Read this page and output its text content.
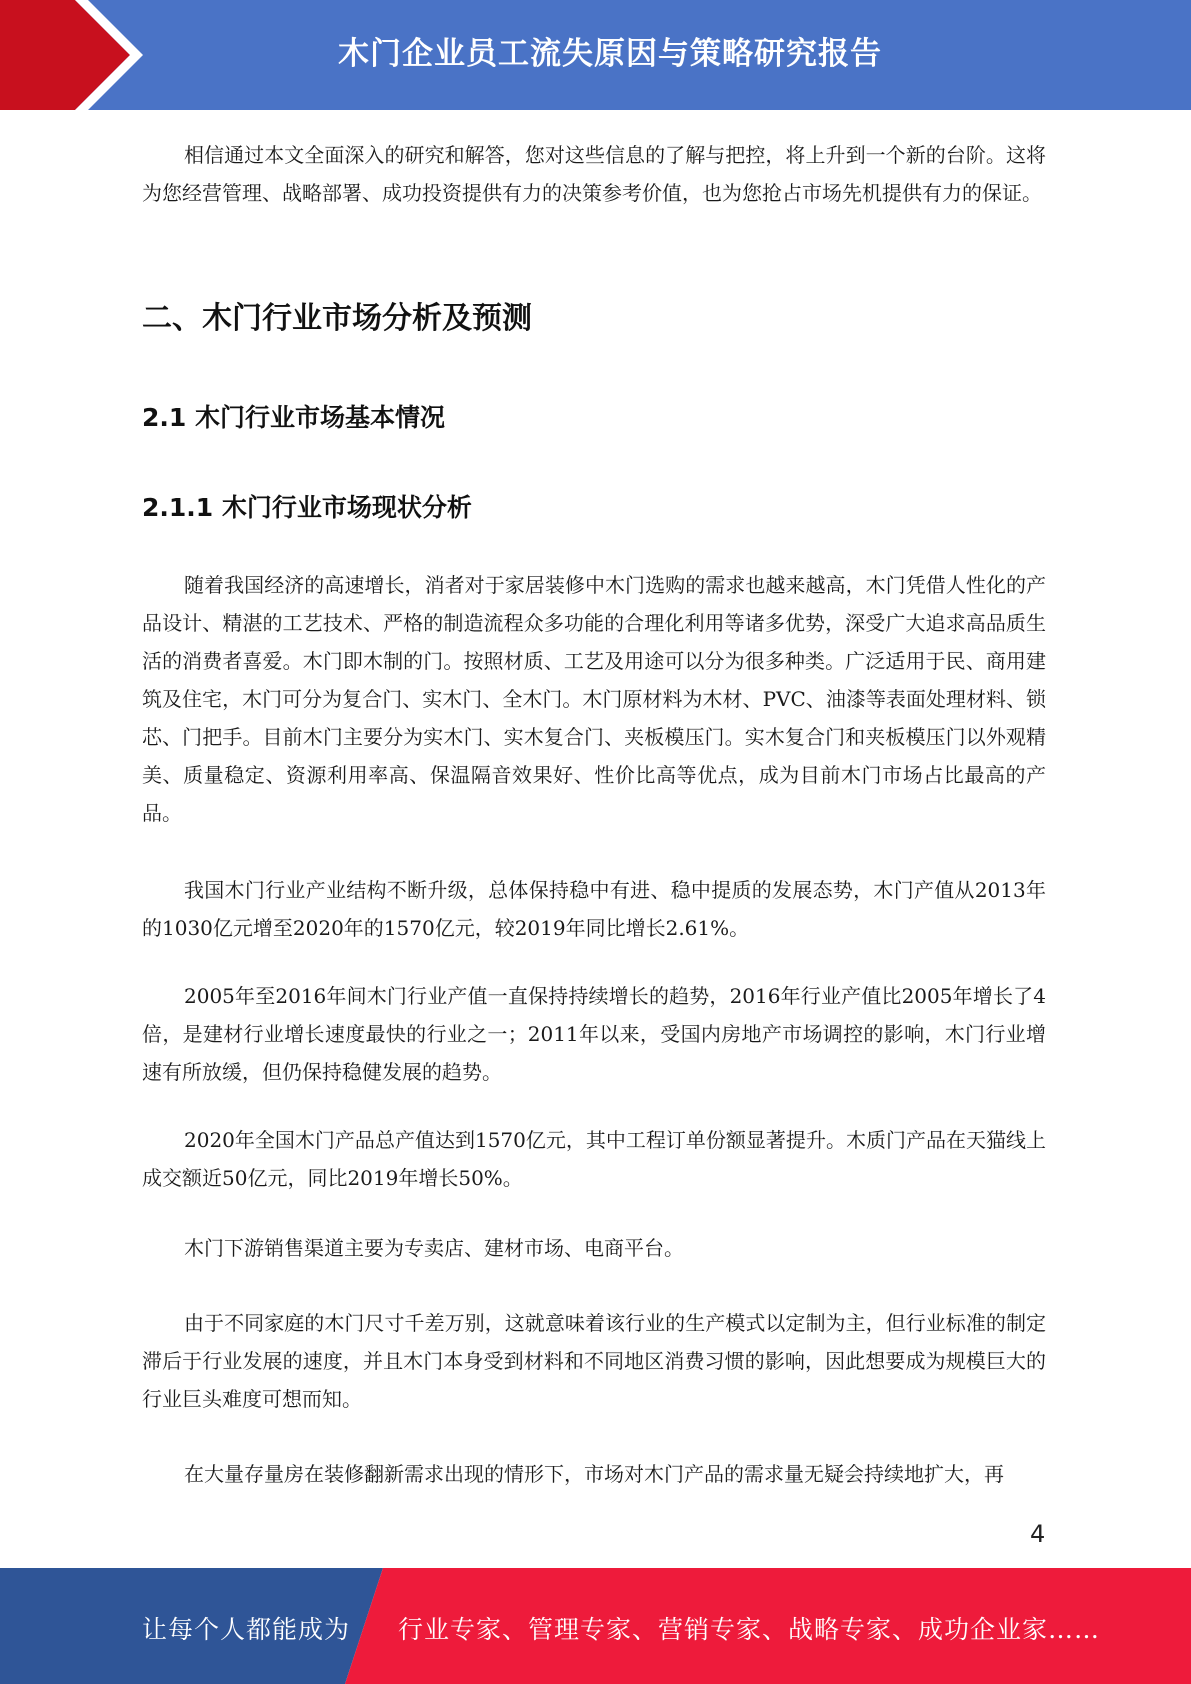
木门企业员工流失原因与策略研究报告

相信通过本文全面深入的研究和解答，您对这些信息的了解与把控，将上升到一个新的台阶。这将为您经营管理、战略部署、成功投资提供有力的决策参考价值，也为您抢占市场先机提供有力的保证。

二、木门行业市场分析及预测
2.1 木门行业市场基本情况
2.1.1 木门行业市场现状分析

随着我国经济的高速增长，消者对于家居装修中木门选购的需求也越来越高，木门凭借人性化的产品设计、精湛的工艺技术、严格的制造流程众多功能的合理化利用等诸多优势，深受广大追求高品质生活的消费者喜爱。木门即木制的门。按照材质、工艺及用途可以分为很多种类。广泛适用于民、商用建筑及住宅，木门可分为复合门、实木门、全木门。木门原材料为木材、PVC、油漆等表面处理材料、锁芯、门把手。目前木门主要分为实木门、实木复合门、夹板模压门。实木复合门和夹板模压门以外观精美、质量稳定、资源利用率高、保温隔音效果好、性价比高等优点，成为目前木门市场占比最高的产品。

我国木门行业产业结构不断升级，总体保持稳中有进、稳中提质的发展态势，木门产值从2013年的1030亿元增至2020年的1570亿元，较2019年同比增长2.61%。

2005年至2016年间木门行业产值一直保持持续增长的趋势，2016年行业产值比2005年增长了4倍，是建材行业增长速度最快的行业之一；2011年以来，受国内房地产市场调控的影响，木门行业增速有所放缓，但仍保持稳健发展的趋势。

2020年全国木门产品总产值达到1570亿元，其中工程订单份额显著提升。木质门产品在天猫线上成交额近50亿元，同比2019年增长50%。

木门下游销售渠道主要为专卖店、建材市场、电商平台。

由于不同家庭的木门尺寸千差万别，这就意味着该行业的生产模式以定制为主，但行业标准的制定滞后于行业发展的速度，并且木门本身受到材料和不同地区消费习惯的影响，因此想要成为规模巨大的行业巨头难度可想而知。

在大量存量房在装修翻新需求出现的情形下，市场对木门产品的需求量无疑会持续地扩大，再

4
让每个人都能成为 行业专家、管理专家、营销专家、战略专家、成功企业家……
